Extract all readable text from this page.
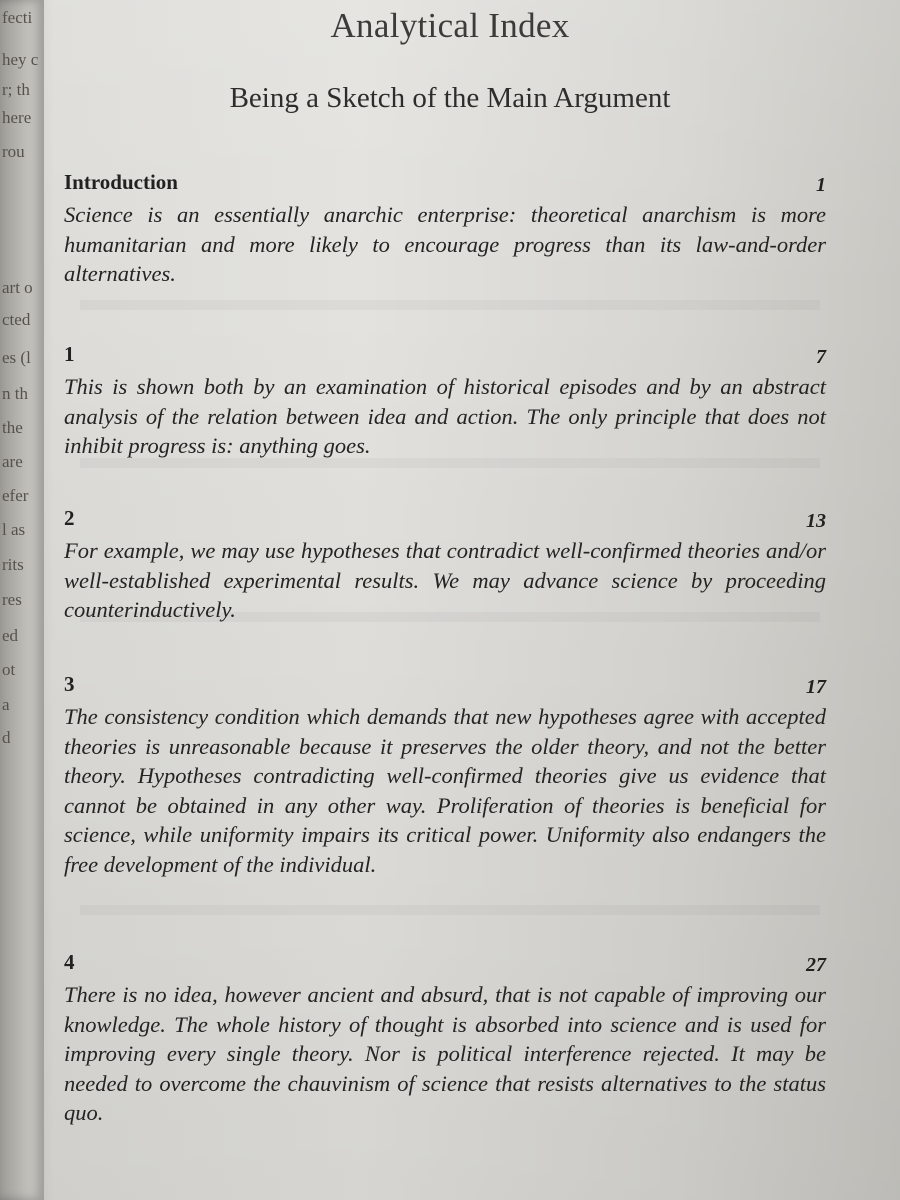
fecti
hey c
r; th
here
rou
art o
cted
es (l
n th
the
are
efer
l as
rits
res
ed
ot
a
d
Analytical Index
Being a Sketch of the Main Argument
Introduction	1

Science is an essentially anarchic enterprise: theoretical anarchism is more humanitarian and more likely to encourage progress than its law-and-order alternatives.

1	7

This is shown both by an examination of historical episodes and by an abstract analysis of the relation between idea and action. The only principle that does not inhibit progress is: anything goes.

2	13

For example, we may use hypotheses that contradict well-confirmed theories and/or well-established experimental results. We may advance science by proceeding counterinductively.

3	17

The consistency condition which demands that new hypotheses agree with accepted theories is unreasonable because it preserves the older theory, and not the better theory. Hypotheses contradicting well-confirmed theories give us evidence that cannot be obtained in any other way. Proliferation of theories is beneficial for science, while uniformity impairs its critical power. Uniformity also endangers the free development of the individual.

4	27

There is no idea, however ancient and absurd, that is not capable of improving our knowledge. The whole history of thought is absorbed into science and is used for improving every single theory. Nor is political interference rejected. It may be needed to overcome the chauvinism of science that resists alternatives to the status quo.
